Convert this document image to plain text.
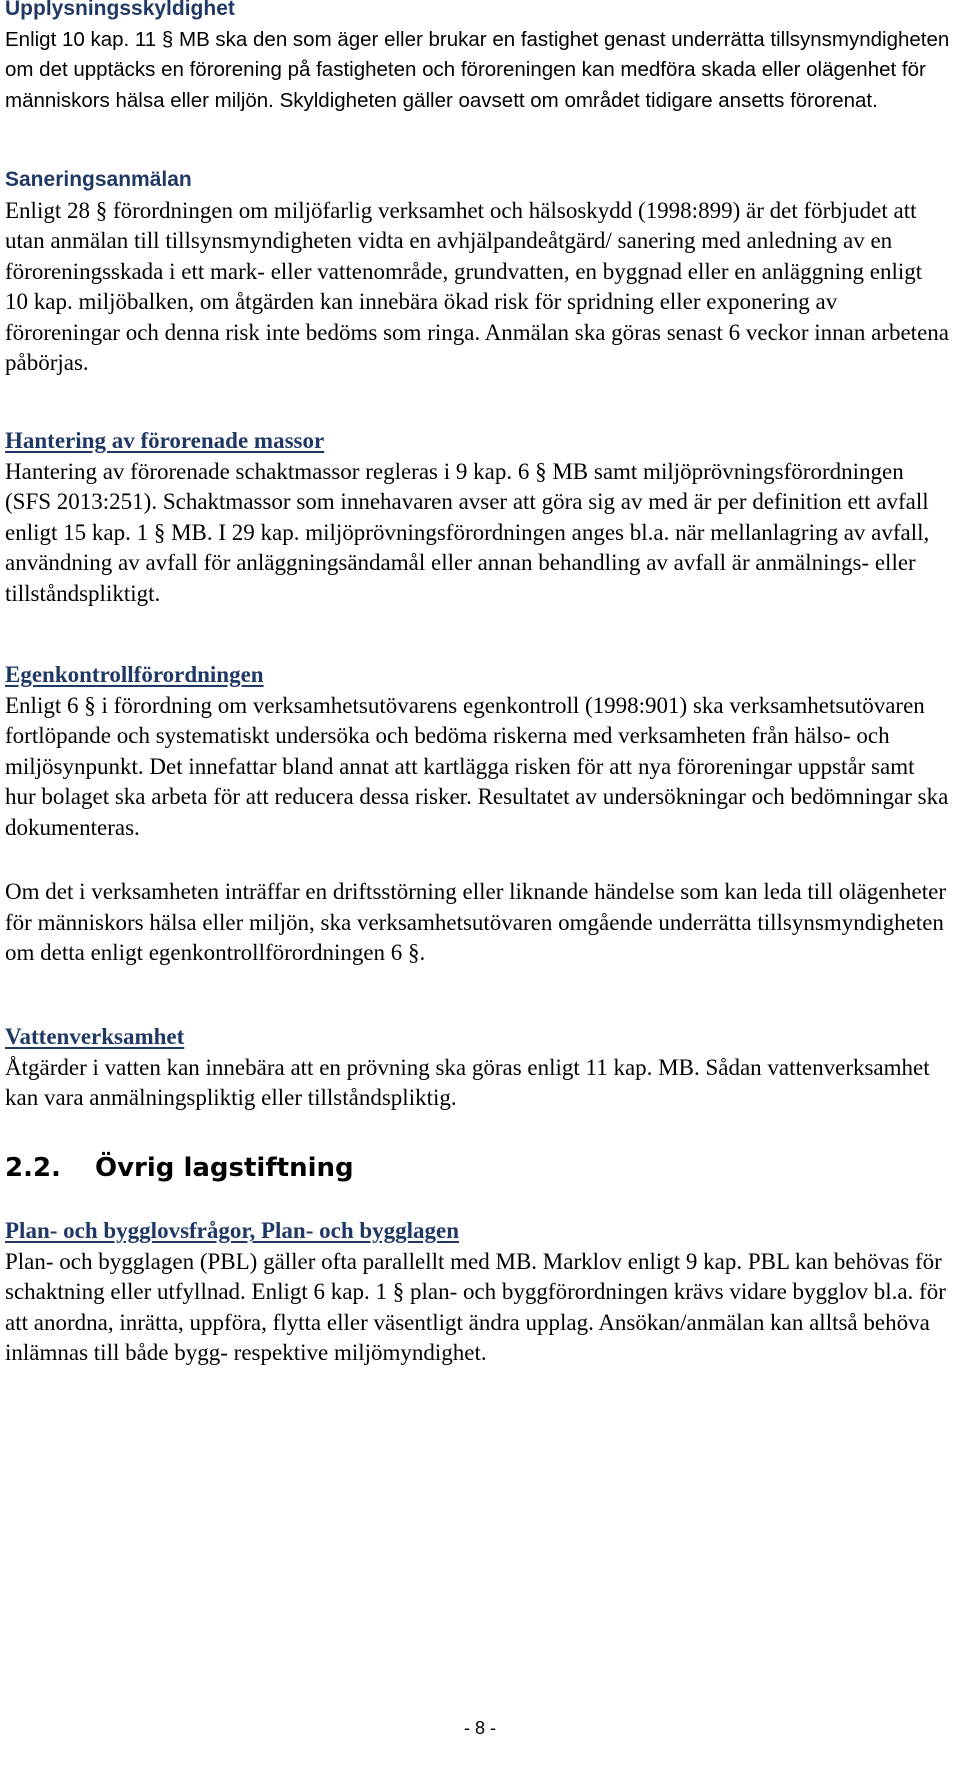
Upplysningsskyldighet

Enligt 10 kap. 11 § MB ska den som äger eller brukar en fastighet genast underrätta tillsynsmyndigheten om det upptäcks en förorening på fastigheten och föroreningen kan medföra skada eller olägenhet för människors hälsa eller miljön. Skyldigheten gäller oavsett om området tidigare ansetts förorenat.

Saneringsanmälan

Enligt 28 § förordningen om miljöfarlig verksamhet och hälsoskydd (1998:899) är det förbjudet att utan anmälan till tillsynsmyndigheten vidta en avhjälpandeåtgärd/ sanering med anledning av en föroreningsskada i ett mark- eller vattenområde, grundvatten, en byggnad eller en anläggning enligt 10 kap. miljöbalken, om åtgärden kan innebära ökad risk för spridning eller exponering av föroreningar och denna risk inte bedöms som ringa. Anmälan ska göras senast 6 veckor innan arbetena påbörjas.

Hantering av förorenade massor

Hantering av förorenade schaktmassor regleras i 9 kap. 6 § MB samt miljöprövningsförordningen (SFS 2013:251). Schaktmassor som innehavaren avser att göra sig av med är per definition ett avfall enligt 15 kap. 1 § MB. I 29 kap. miljöprövningsförordningen anges bl.a. när mellanlagring av avfall, användning av avfall för anläggningsändamål eller annan behandling av avfall är anmälnings- eller tillståndspliktigt.

Egenkontrollförordningen

Enligt 6 § i förordning om verksamhetsutövarens egenkontroll (1998:901) ska verksamhetsutövaren fortlöpande och systematiskt undersöka och bedöma riskerna med verksamheten från hälso- och miljösynpunkt. Det innefattar bland annat att kartlägga risken för att nya föroreningar uppstår samt hur bolaget ska arbeta för att reducera dessa risker. Resultatet av undersökningar och bedömningar ska dokumenteras.

Om det i verksamheten inträffar en driftsstörning eller liknande händelse som kan leda till olägenheter för människors hälsa eller miljön, ska verksamhetsutövaren omgående underrätta tillsynsmyndigheten om detta enligt egenkontrollförordningen 6 §.

Vattenverksamhet

Åtgärder i vatten kan innebära att en prövning ska göras enligt 11 kap. MB. Sådan vattenverksamhet kan vara anmälningspliktig eller tillståndspliktig.

2.2. Övrig lagstiftning
Plan- och bygglovsfrågor, Plan- och bygglagen

Plan- och bygglagen (PBL) gäller ofta parallellt med MB. Marklov enligt 9 kap. PBL kan behövas för schaktning eller utfyllnad. Enligt 6 kap. 1 § plan- och byggförordningen krävs vidare bygglov bl.a. för att anordna, inrätta, uppföra, flytta eller väsentligt ändra upplag. Ansökan/anmälan kan alltså behöva inlämnas till både bygg- respektive miljömyndighet.

- 8 -
